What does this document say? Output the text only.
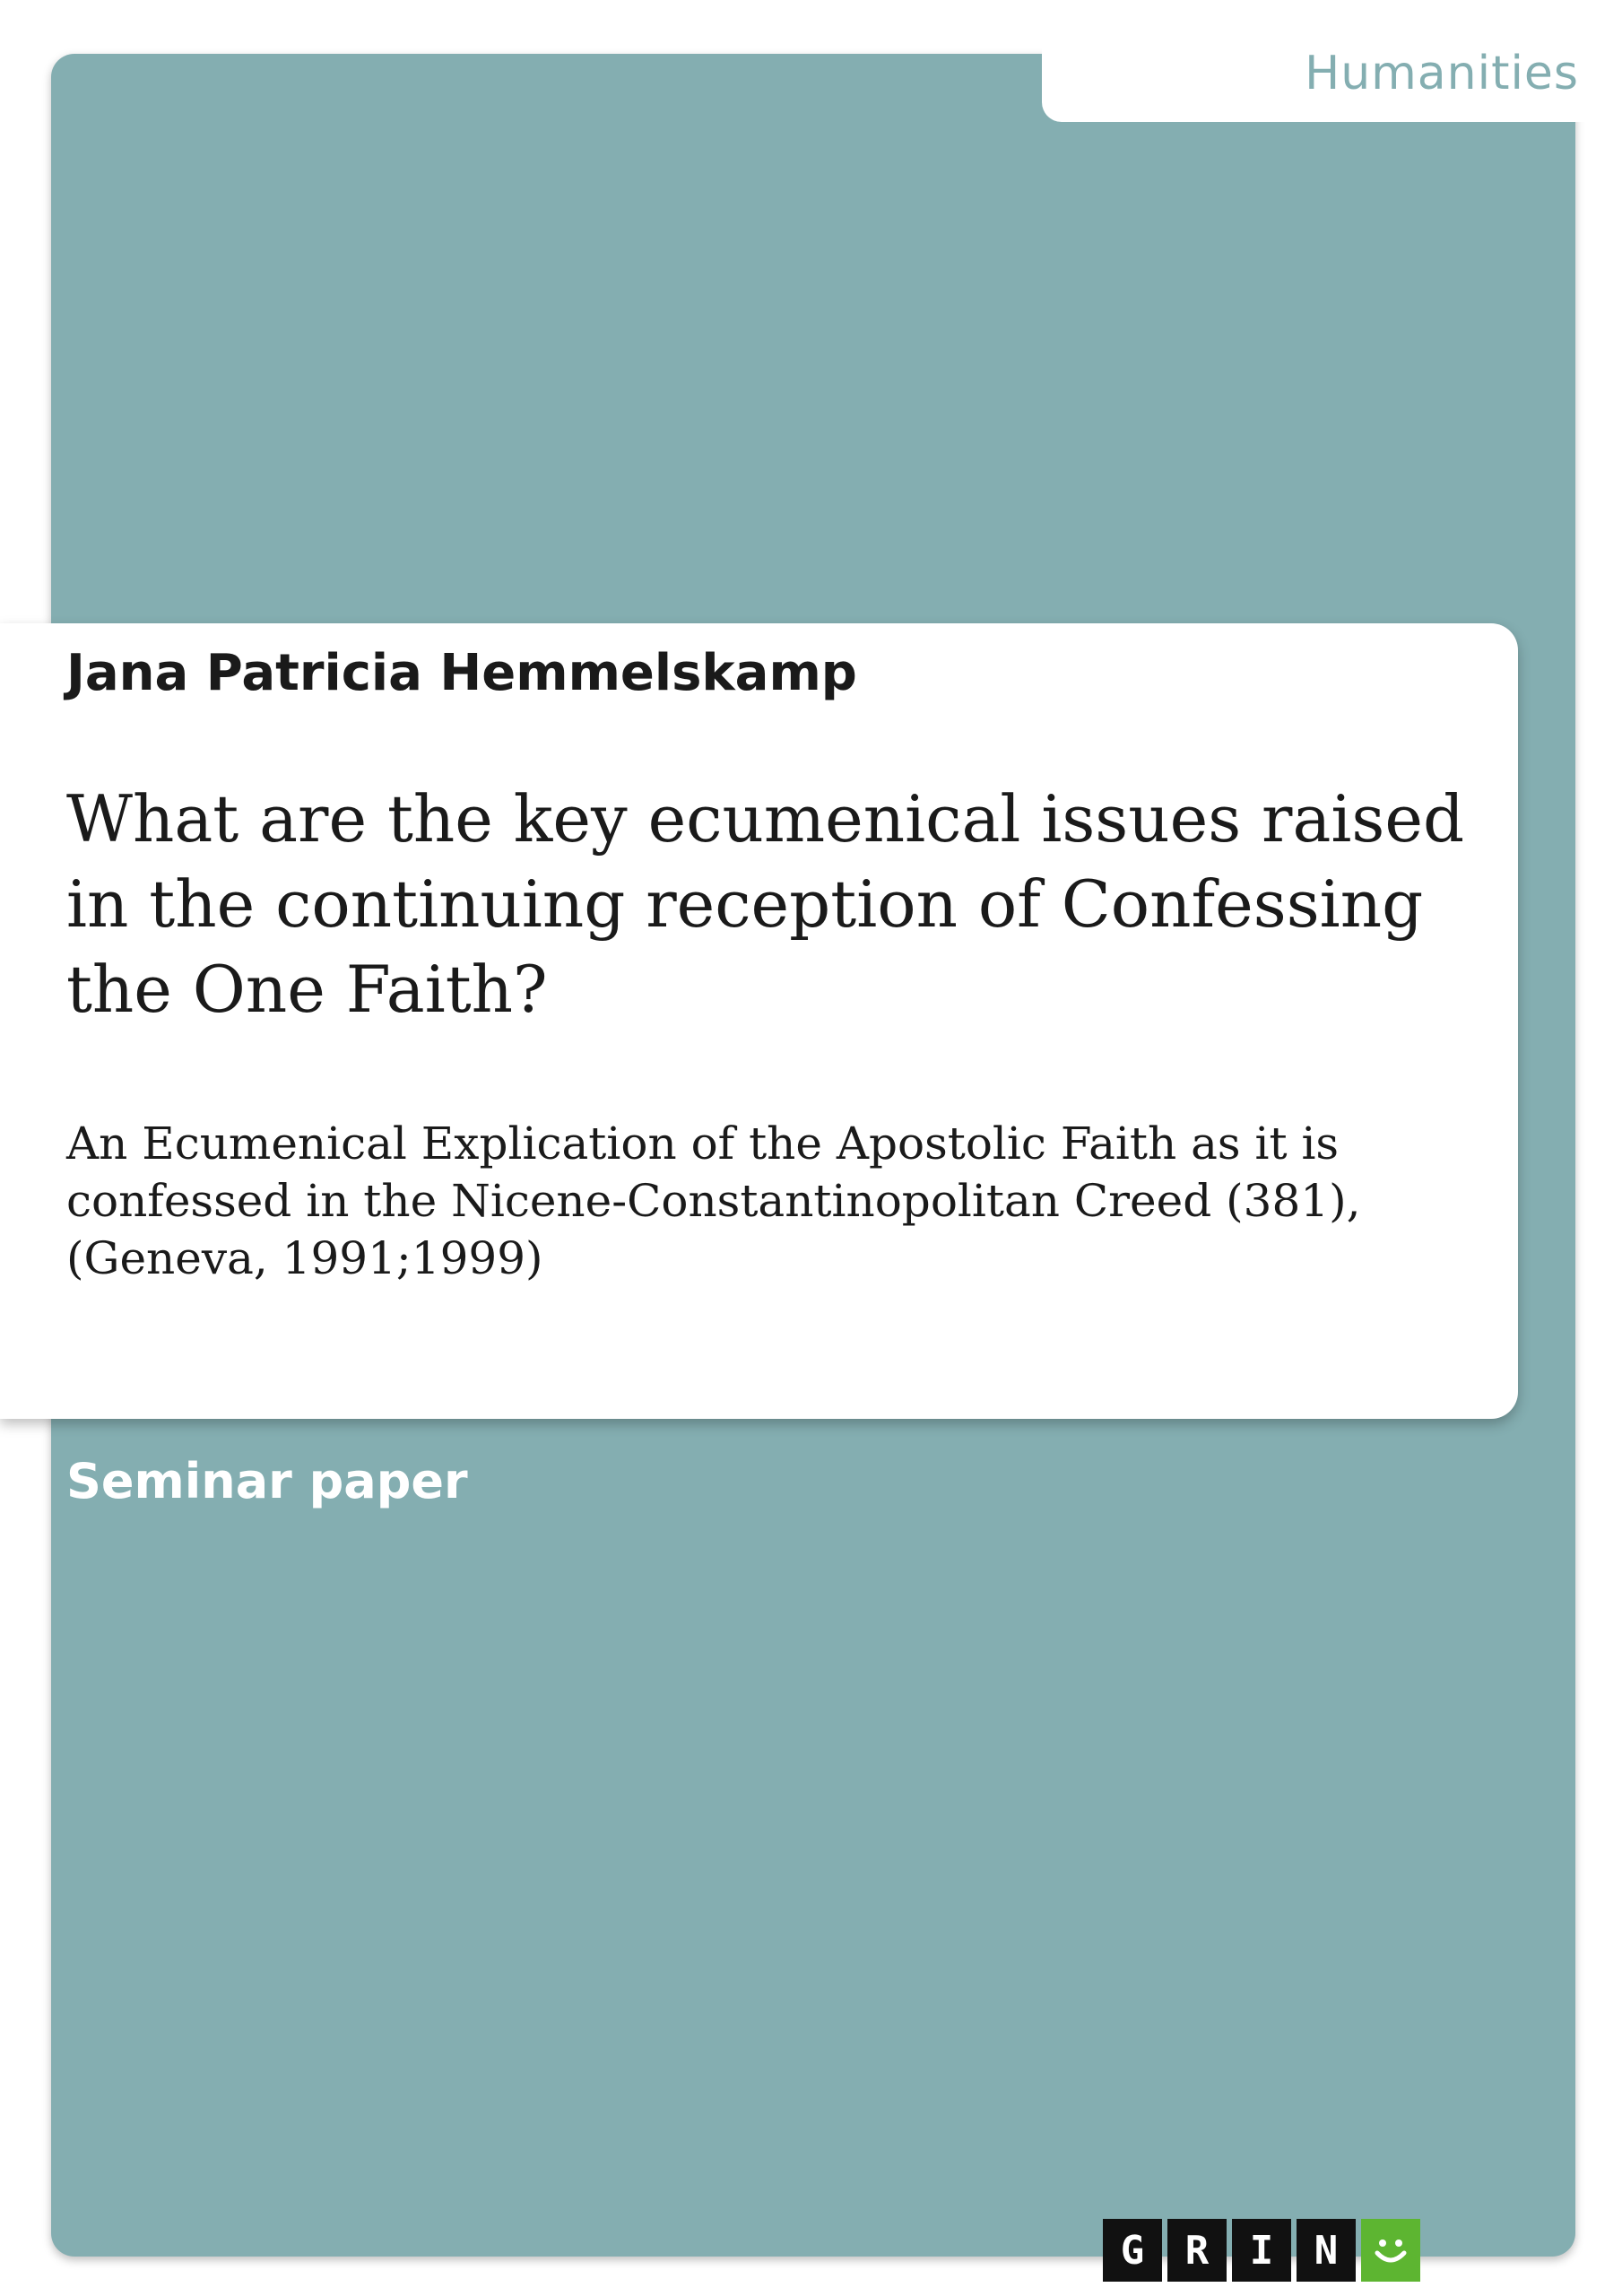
Humanities
Jana Patricia Hemmelskamp
What are the key ecumenical issues raised in the continuing reception of Confessing the One Faith?

An Ecumenical Explication of the Apostolic Faith as it is confessed in the Nicene-Constantinopolitan Creed (381), (Geneva, 1991;1999)

Seminar paper
G	R	I	N
